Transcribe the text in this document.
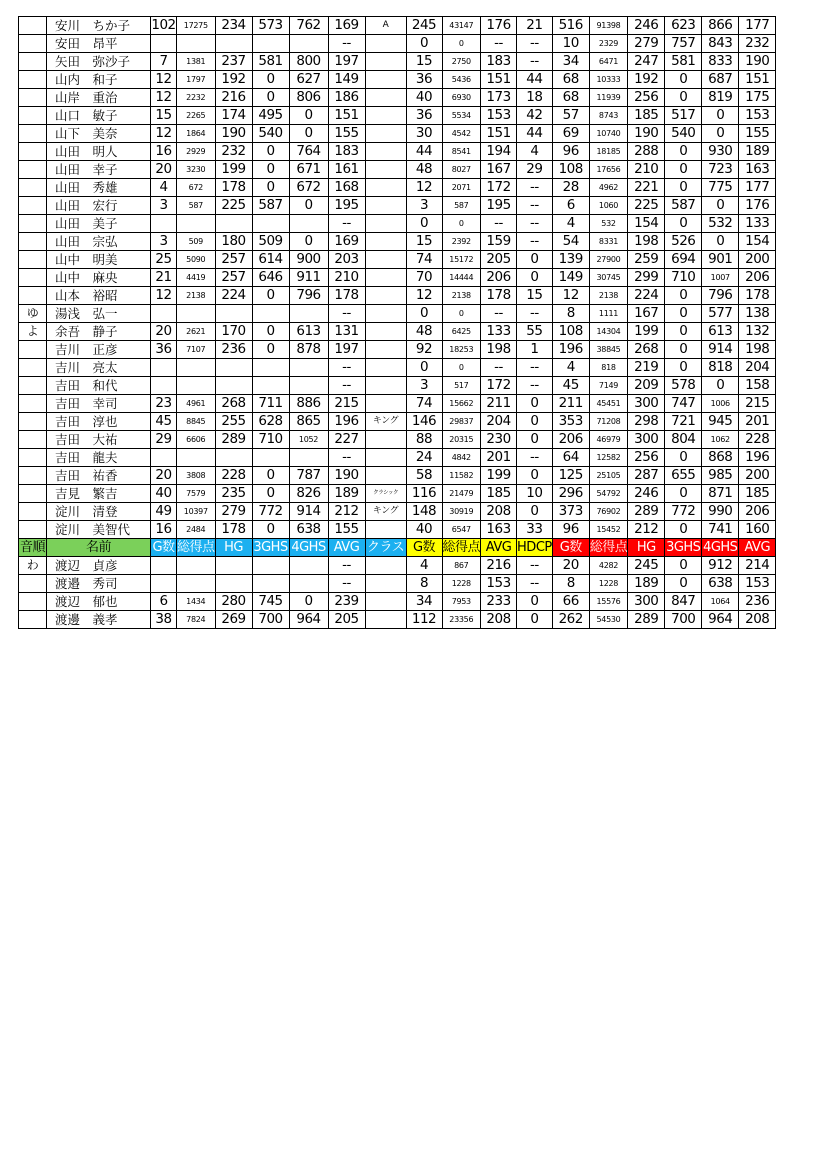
	安川　ちか子	102	17275	234	573	762	169	A	245	43147	176	21	516	91398	246	623	866	177
	安田　昂平						--		0	0	--	--	10	2329	279	757	843	232
	矢田　弥沙子	7	1381	237	581	800	197		15	2750	183	--	34	6471	247	581	833	190
	山内　和子	12	1797	192	0	627	149		36	5436	151	44	68	10333	192	0	687	151
	山岸　重治	12	2232	216	0	806	186		40	6930	173	18	68	11939	256	0	819	175
	山口　敏子	15	2265	174	495	0	151		36	5534	153	42	57	8743	185	517	0	153
	山下　美奈	12	1864	190	540	0	155		30	4542	151	44	69	10740	190	540	0	155
	山田　明人	16	2929	232	0	764	183		44	8541	194	4	96	18185	288	0	930	189
	山田　幸子	20	3230	199	0	671	161		48	8027	167	29	108	17656	210	0	723	163
	山田　秀雄	4	672	178	0	672	168		12	2071	172	--	28	4962	221	0	775	177
	山田　宏行	3	587	225	587	0	195		3	587	195	--	6	1060	225	587	0	176
	山田　美子						--		0	0	--	--	4	532	154	0	532	133
	山田　宗弘	3	509	180	509	0	169		15	2392	159	--	54	8331	198	526	0	154
	山中　明美	25	5090	257	614	900	203		74	15172	205	0	139	27900	259	694	901	200
	山中　麻央	21	4419	257	646	911	210		70	14444	206	0	149	30745	299	710	1007	206
	山本　裕昭	12	2138	224	0	796	178		12	2138	178	15	12	2138	224	0	796	178
ゆ	湯浅　弘一						--		0	0	--	--	8	1111	167	0	577	138
よ	余吾　静子	20	2621	170	0	613	131		48	6425	133	55	108	14304	199	0	613	132
	吉川　正彦	36	7107	236	0	878	197		92	18253	198	1	196	38845	268	0	914	198
	吉川　亮太						--		0	0	--	--	4	818	219	0	818	204
	吉田　和代						--		3	517	172	--	45	7149	209	578	0	158
	吉田　幸司	23	4961	268	711	886	215		74	15662	211	0	211	45451	300	747	1006	215
	吉田　淳也	45	8845	255	628	865	196	キング	146	29837	204	0	353	71208	298	721	945	201
	吉田　大祐	29	6606	289	710	1052	227		88	20315	230	0	206	46979	300	804	1062	228
	吉田　龍夫						--		24	4842	201	--	64	12582	256	0	868	196
	吉田　祐香	20	3808	228	0	787	190		58	11582	199	0	125	25105	287	655	985	200
	吉見　繁吉	40	7579	235	0	826	189	クラシック	116	21479	185	10	296	54792	246	0	871	185
	淀川　清登	49	10397	279	772	914	212	キング	148	30919	208	0	373	76902	289	772	990	206
	淀川　美智代	16	2484	178	0	638	155		40	6547	163	33	96	15452	212	0	741	160
音順	名前	G数	総得点	HG	3GHS	4GHS	AVG	クラス	G数	総得点	AVG	HDCP	G数	総得点	HG	3GHS	4GHS	AVG
わ	渡辺　貞彦						--		4	867	216	--	20	4282	245	0	912	214
	渡邉　秀司						--		8	1228	153	--	8	1228	189	0	638	153
	渡辺　郁也	6	1434	280	745	0	239		34	7953	233	0	66	15576	300	847	1064	236
	渡邊　義孝	38	7824	269	700	964	205		112	23356	208	0	262	54530	289	700	964	208
